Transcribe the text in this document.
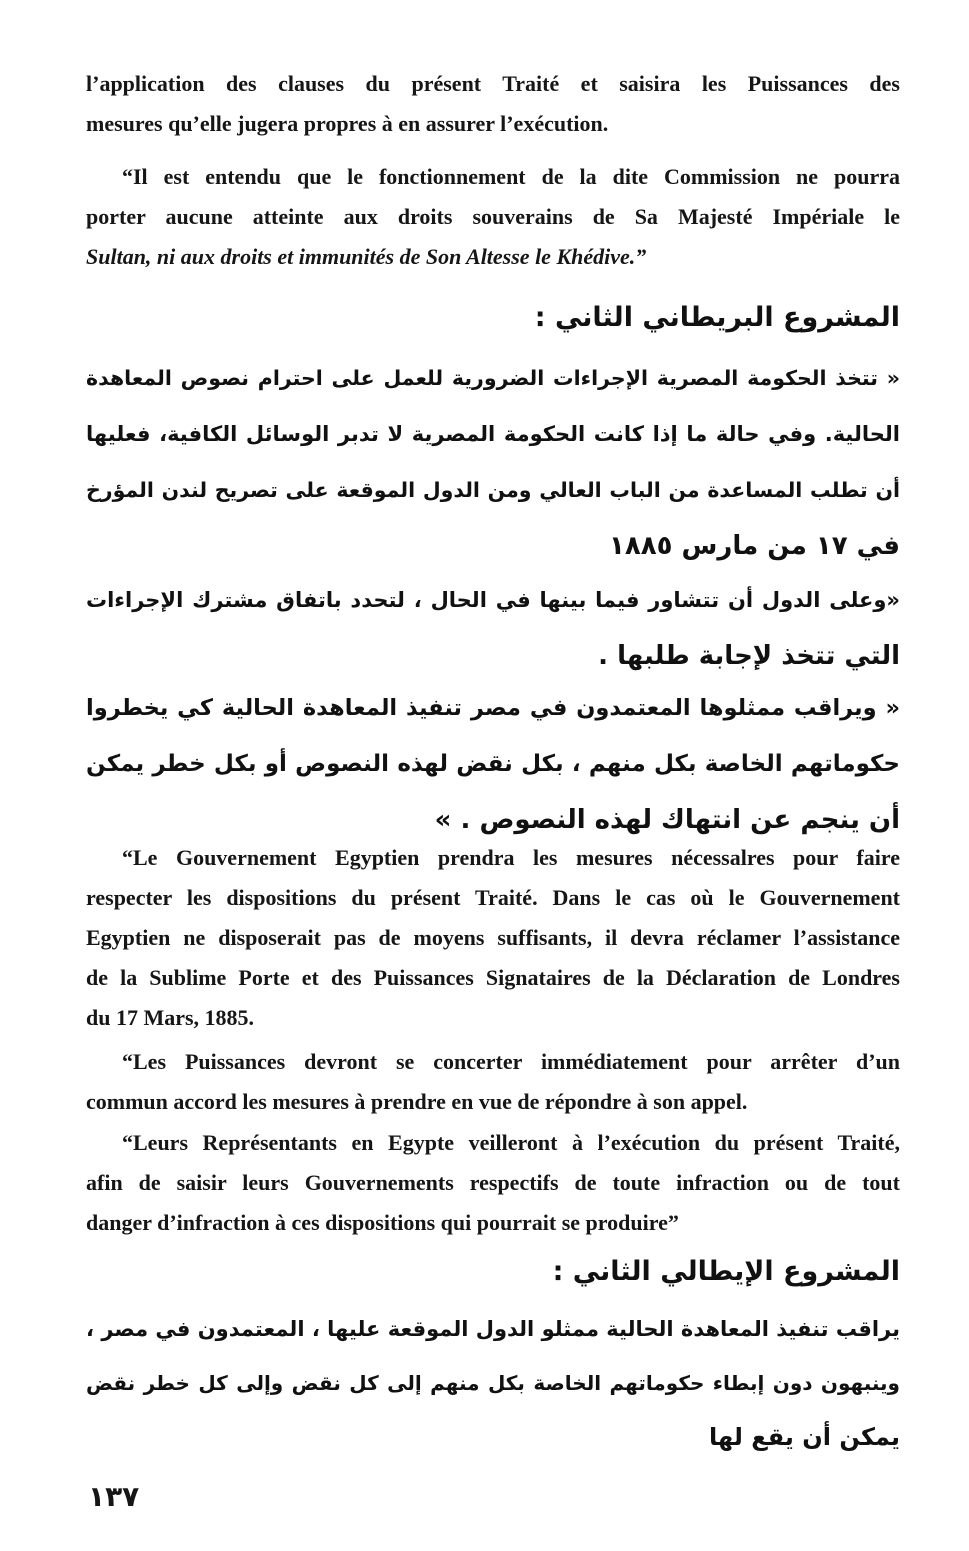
l’application des clauses du présent Traité et saisira les Puissances des
mesures qu’elle jugera propres à en assurer l’exécution.
“Il est entendu que le fonctionnement de la dite Commission ne pourra
porter aucune atteinte aux droits souverains de Sa Majesté Impériale le
Sultan, ni aux droits et immunités de Son Altesse le Khédive.”
المشروع البريطاني الثاني :
« تتخذ الحكومة المصرية الإجراءات الضرورية للعمل على احترام نصوص المعاهدة
الحالية. وفي حالة ما إذا كانت الحكومة المصرية لا تدبر الوسائل الكافية، فعليها
أن تطلب المساعدة من الباب العالي ومن الدول الموقعة على تصريح لندن المؤرخ
في ١٧ من مارس ١٨٨٥
«وعلى الدول أن تتشاور فيما بينها في الحال ، لتحدد باتفاق مشترك الإجراءات
التي تتخذ لإجابة طلبها .
« ويراقب ممثلوها المعتمدون في مصر تنفيذ المعاهدة الحالية كي يخطروا
حكوماتهم الخاصة بكل منهم ، بكل نقض لهذه النصوص أو بكل خطر يمكن
أن ينجم عن انتهاك لهذه النصوص . »
“Le Gouvernement Egyptien prendra les mesures nécessalres pour faire
respecter les dispositions du présent Traité. Dans le cas où le Gouvernement
Egyptien ne disposerait pas de moyens suffisants, il devra réclamer l’assistance
de la Sublime Porte et des Puissances Signataires de la Déclaration de Londres
du 17 Mars, 1885.
“Les Puissances devront se concerter immédiatement pour arrêter d’un
commun accord les mesures à prendre en vue de répondre à son appel.
“Leurs Représentants en Egypte veilleront à l’exécution du présent Traité,
afin de saisir leurs Gouvernements respectifs de toute infraction ou de tout
danger d’infraction à ces dispositions qui pourrait se produire”
المشروع الإيطالي الثاني :
يراقب تنفيذ المعاهدة الحالية ممثلو الدول الموقعة عليها ، المعتمدون في مصر ،
وينبهون دون إبطاء حكوماتهم الخاصة بكل منهم إلى كل نقض وإلى كل خطر نقض
يمكن أن يقع لها
١٣٧
